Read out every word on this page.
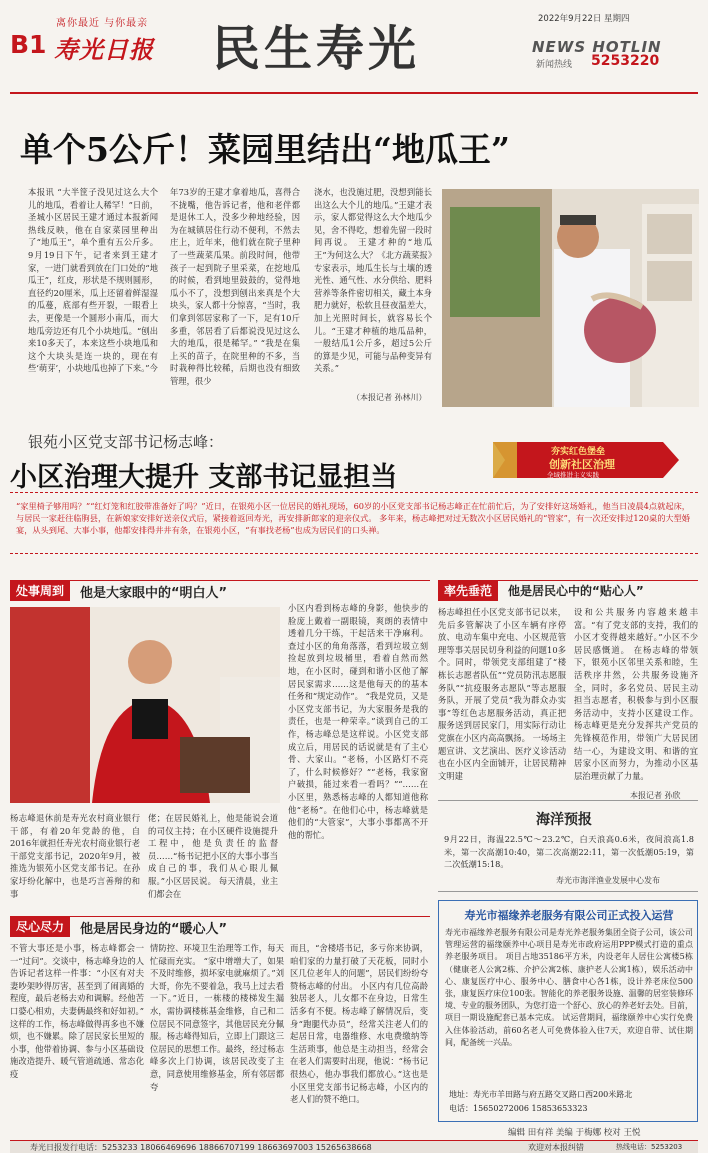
B1
离你最近 与你最亲
寿光日报 民生寿光
2022年9月22日 星期四
NEWS HOTLIN
新闻热线 5253220
单个5公斤！菜园里结出“地瓜王”
本报讯 “大半筐子没见过这么大个儿的地瓜，看着让人稀罕！”日前，圣城小区居民王建才通过本报新闻热线反映，他在自家菜园里种出了“地瓜王”，单个重有五公斤多。 9月19日下午，记者来到王建才家，一进门就看到放在门口处的“地瓜王”，红皮，形状是不规则圆形，直径约20厘米，瓜上还留着鲜湿湿的瓜蔓，底部有些开裂，一眼看上去，更像是一个圆形小南瓜，而大地瓜旁边还有几个小块地瓜。“刨出来10多天了，本来这些小块地瓜和这个大块头是连一块的，现在有些‘萌芽’，小块地瓜也掉了下来。”今
年73岁的王建才拿着地瓜，喜得合不拢嘴，他告诉记者，他和老伴都是退休工人，没多少种地经验，因为在城镇居住行动不便利，不然去庄上，近年来，他们就在院子里种了一些蔬菜瓜果。前段时间，他带孩子一起到院子里采菜，在挖地瓜的时候，看到地里鼓鼓的，觉得地瓜小不了，没想到刨出来真是个大块头，家人都十分惊喜，“当时，我们拿到邻居家称了一下，足有10斤多重，邻居看了后都说没见过这么大的地瓜，很是稀罕。” “我是在集上买的苗子，在院里种的不多，当时栽种得比较稀，后期也没有细致管理，很少
浇水，也没施过肥，没想到能长出这么大个儿的地瓜。”王建才表示，家人都觉得这么大个地瓜少见，舍不得吃，想着先留一段时间再说。 王建才种的“地瓜王”为何这么大？《北方蔬菜报》专家表示，地瓜生长与土壤的透光性、通气性、水分供给、肥料营养等条件密切相关，藏土本身肥力就好，松软且昼夜温差大，加上光照时间长，就容易长个儿。“王建才种植的地瓜品种，一般结瓜1公斤多，超过5公斤的算是少见，可能与品种变异有关系。”
（本报记者 孙林川）
银苑小区党支部书记杨志峰：
小区治理大提升 支部书记显担当
夯实红色堡垒
创新社区治理
全域推进主义实践
“家里椅子够用吗？”“红灯笼和红胶带准备好了吗？”近日，在银苑小区一位居民的婚礼现场，60岁的小区党支部书记杨志峰正在忙前忙后，为了安排好这场婚礼，他当日凌晨4点就起床，与居民一家赶往临朐县，在新娘家安排好送亲仪式后，紧接着返回寿光，再安排新郎家的迎亲仪式。 多年来，杨志峰把对过无数次小区居民婚礼的“管家”，有一次还安排过120桌的大型婚宴，从头到尾、大事小事，他都安排得井井有条，在银苑小区，“有事找老杨”也成为居民们的口头禅。
处事周到	他是大家眼中的“明白人”
杨志峰退休前是寿光农村商业银行干部，有着20年党龄的他，自2016年就担任寿光农村商业银行老干部党支部书记，2020年9月，被推选为银苑小区党支部书记。在孙家圩纷化解中，也是巧言善辩的和事
佬；在居民婚礼上，他是能说会道的司仪主持；在小区硬件设施提升工程中，他是负责任的监督员……“杨书记把小区的大事小事当成自己的事，我们从心眼儿佩服。”小区居民说。 每天清晨，业主们都会在
小区内看到杨志峰的身影，他快步的脸庞上戴着一副眼镜，爽朗的表情中透着几分干练，干起活来干净麻利。查过小区的角角落落，看到垃圾立刻捡起放到垃圾桶里，看着自然而然地，在小区时，碰到和谐小区他了解居民家需求……这是他每天的的基本任务和“规定动作”。 “我是党员，又是小区党支部书记，为大家服务是我的责任，也是一种荣幸。”谈到自己的工作，杨志峰总是这样说。小区党支部成立后，用居民的话说就是有了主心骨、大家山。“老杨，小区路灯不亮了，什么时候修好？”“老杨，我家窗户破损，能过来看一看吗？”“……在小区里，熟悉杨志峰的人都知道他称他“老杨”。在他们心中，杨志峰就是他们的“大管家”，大事小事都离不开他的帮忙。
率先垂范	他是居民心中的“贴心人”
杨志峰担任小区党支部书记以来，先后多管解决了小区车辆有序停放、电动车集中充电、小区规范管理等事关居民切身利益的问题10多个。同时，带领党支部组建了“楼栋长志愿者队伍”“党员防汛志愿服务队”“抗疫服务志愿队”等志愿服务队，开展了党员“我为群众办实事”等红色志愿服务活动，真正把服务送到居民家门，用实际行动让党旗在小区内高高飘扬。 一场场主题宣讲、文艺演出、医疗义诊活动也在小区内全面铺开，让居民精神文明建
设和公共服务内容越来越丰富。“有了党支部的支持，我们的小区才变得越来越好。”小区不少居民感慨道。 在杨志峰的带领下，银苑小区邻里关系和睦，生活秩序井然，公共服务设施齐全，同时，多名党员、居民主动担当志愿者，积极参与到小区服务活动中，支持小区建设工作。杨志峰更是充分发挥共产党员的先锋模范作用，带领广大居民团结一心，为建设文明、和谐的宜居家小区而努力，为推动小区基层治理贡献了力量。
本报记者 孙欣
海洋预报
9月22日，海温22.5℃～23.2℃，白天浪高0.6米，夜间浪高1.8米，第一次高潮10:40，第二次高潮22:11，第一次低潮05:19，第二次低潮15:18。
寿光市海洋渔业发展中心发布
尽心尽力	他是居民身边的“暖心人”
不管大事还是小事，杨志峰都会一一“过问”。交谈中，杨志峰身边的人告诉记者这样一件事：“小区有对夫妻吵架吵得厉害，甚至到了闹离婚的程度，最后老杨去劝和调解。经他苦口婆心相劝，夫妻俩最终和好如初。” 这样的工作，杨志峰做得再多也不嫌烦，也不嫌累。除了居民家长里短的小事，他带着协调、参与小区基础设施改造提升、暖气管道疏通、常态化疫
情防控、环境卫生治理等工作，每天忙碌而充实。 “家中增增大了，如果不及时维修，损坏家电就麻烦了。”刘大哥，你先不要着急，我马上过去看一下。”近日，一栋楼的楼梯发生漏水，需协调楼栋基金维修，自己和二位居民不同意签字，其他居民充分佩服。杨志峰得知后，立即上门跟这三位居民的思想工作。最终，经过杨志峰多次上门协调，该居民改变了主意，同意使用维修基金，所有邻居都夸
而且，“舍楼塔书记，多亏你来协调，咱们家的力量打破了天花板，同时小区几位老年人的问题”，居民们纷纷夸赞杨志峰的付出。 小区内有几位高龄独居老人，儿女都不在身边，日常生活多有不便。杨志峰了解情况后，变身“跑腿代办员”，经常关注老人们的起居日常，电器维修、水电费缴纳等生活琐事，他总是主动担当，经常会在老人们需要时出现，他说：“杨书记很热心，他办事我们都放心。”这也是小区里党支部书记杨志峰，小区内的老人们的赞不绝口。
寿光市福缘养老服务有限公司正式投入运营
寿光市福缘养老服务有限公司是寿光养老服务集团全资子公司，该公司管理运营的福缘颐养中心项目是寿光市政府运用PPP模式打造的重点养老服务项目。 项目占地35186平方米，内设老年人居住公寓楼5栋（健康老人公寓2栋、介护公寓2栋、康护老人公寓1栋），娱乐活动中心、康复医疗中心、服务中心、膳食中心各1栋，设计养老床位500张，康复医疗床位100张。智能化的养老服务设施、温馨的居室装修环境、专业的服务团队，为您打造一个舒心、放心的养老好去处。目前，项目一期设施配套已基本完成。 试运营期间，福缘颐养中心实行免费入住体验活动，前60名老人可免费体验入住7天，欢迎自带、试住期间，配备统一兴品。
地址：寿光市羊田路与府五路交叉路口西200米路北
电话：15650272006 15853653323
编辑 田有祥 美编 于梅娜 校对 王悦
寿光日报发行电话：5253233 18066469696 18866707199 18663697003 15265638668	欢迎对本报纠错	热线电话：5253203
